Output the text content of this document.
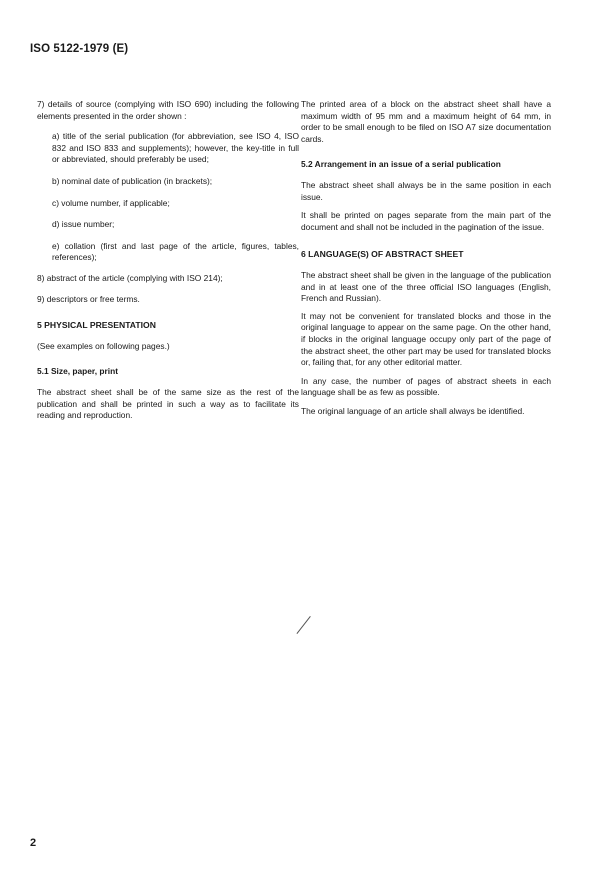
ISO 5122-1979 (E)

7) details of source (complying with ISO 690) including the following elements presented in the order shown :

a) title of the serial publication (for abbreviation, see ISO 4, ISO 832 and ISO 833 and supplements); however, the key-title in full or abbreviated, should preferably be used;

b) nominal date of publication (in brackets);

c) volume number, if applicable;

d) issue number;

e) collation (first and last page of the article, figures, tables, references);

8) abstract of the article (complying with ISO 214);

9) descriptors or free terms.

5 PHYSICAL PRESENTATION

(See examples on following pages.)

5.1 Size, paper, print

The abstract sheet shall be of the same size as the rest of the publication and shall be printed in such a way as to facilitate its reading and reproduction.

The printed area of a block on the abstract sheet shall have a maximum width of 95 mm and a maximum height of 64 mm, in order to be small enough to be filed on ISO A7 size documentation cards.

5.2 Arrangement in an issue of a serial publication

The abstract sheet shall always be in the same position in each issue.

It shall be printed on pages separate from the main part of the document and shall not be included in the pagination of the issue.

6 LANGUAGE(S) OF ABSTRACT SHEET

The abstract sheet shall be given in the language of the publication and in at least one of the three official ISO languages (English, French and Russian).

It may not be convenient for translated blocks and those in the original language to appear on the same page. On the other hand, if blocks in the original language occupy only part of the page of the abstract sheet, the other part may be used for translated blocks or, failing that, for any other editorial matter.

In any case, the number of pages of abstract sheets in each language shall be as few as possible.

The original language of an article shall always be identified.

2
